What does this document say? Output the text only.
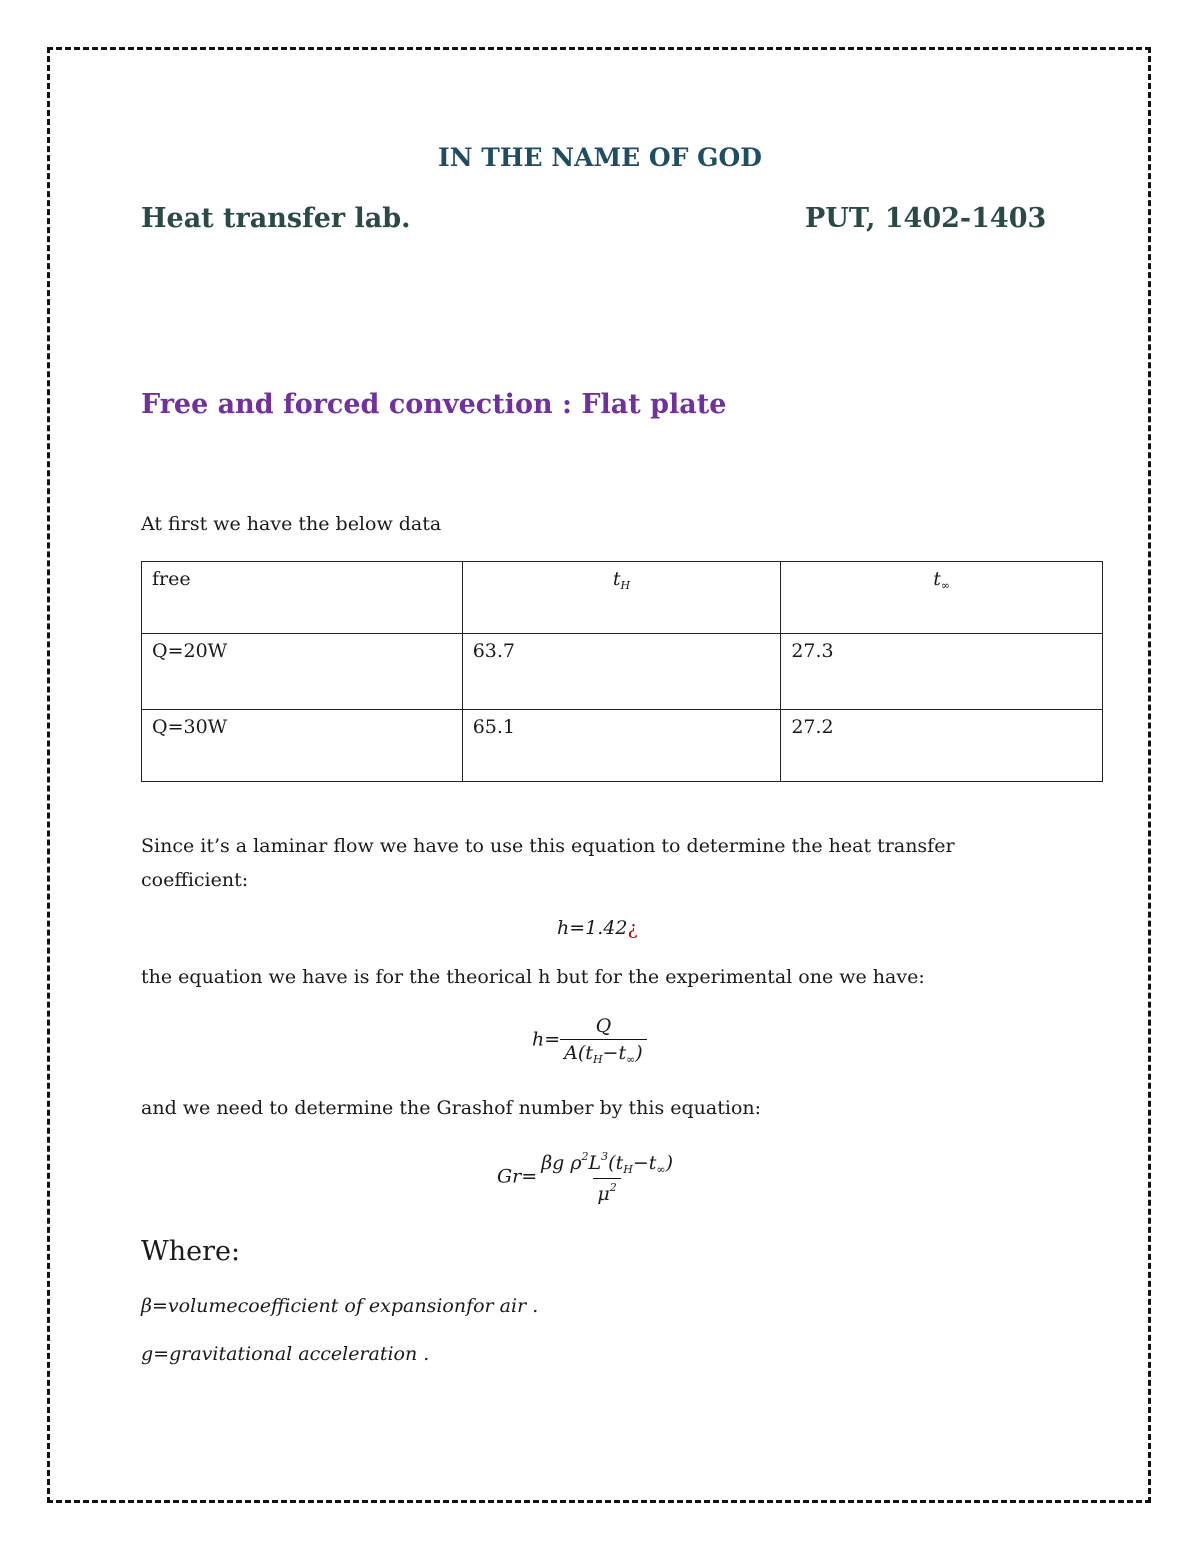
IN THE NAME OF GOD
Heat transfer lab.	PUT, 1402-1403
Free and forced convection : Flat plate
At first we have the below data
free	$t_H$	$t_\infty$
Q=20W	63.7	27.3
Q=30W	65.1	27.2
Since it’s a laminar flow we have to use this equation to determine the heat transfer
coefficient:
h=1.42¿
the equation we have is for the theorical h but for the experimental one we have:
$h= \frac{Q}{A(t_H-t_\infty)}$
and we need to determine the Grashof number by this equation:
$Gr= \frac{\beta g \rho^2L^3(t_H-t_\infty)}{\mu^2}$
Where:
β=volumecoefficient of expansionfor air .
g=gravitational acceleration .
